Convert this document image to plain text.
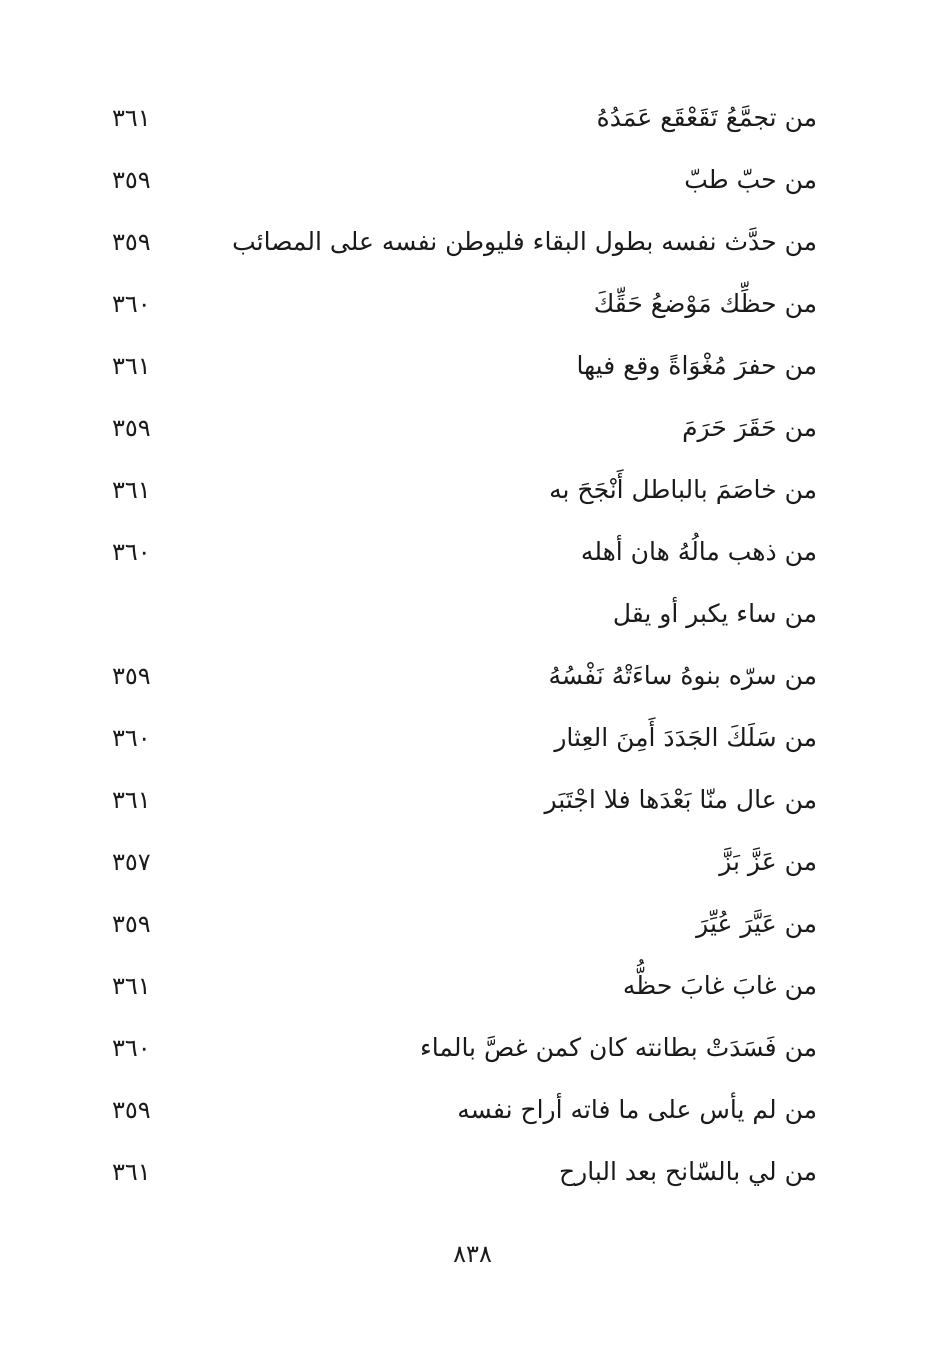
من تجمَّعُ تَقَعْقَع عَمَدُهُ
٣٦١
من حبّ طبّ
٣٥٩
من حدَّث نفسه بطول البقاء فليوطن نفسه على المصائب
٣٥٩
من حظِّك مَوْضعُ حَقِّكَ
٣٦٠
من حفرَ مُغْوَاةً وقع فيها
٣٦١
من حَقَرَ حَرَمَ
٣٥٩
من خاصَمَ بالباطل أَنْجَحَ به
٣٦١
من ذهب مالُهُ هان أهله
٣٦٠
من ساء يكبر أو يقل
من سرّه بنوهُ ساءَتْهُ نَفْسُهُ
٣٥٩
من سَلَكَ الجَدَدَ أَمِنَ العِثار
٣٦٠
من عال منّا بَعْدَها فلا اجْتَبَر
٣٦١
من عَزَّ بَزَّ
٣٥٧
من عَيَّرَ عُيِّرَ
٣٥٩
من غابَ غابَ حظُّه
٣٦١
من فَسَدَتْ بطانته كان كمن غصَّ بالماء
٣٦٠
من لم يأس على ما فاته أراح نفسه
٣٥٩
من لي بالسّانح بعد البارح
٣٦١
٨٣٨
